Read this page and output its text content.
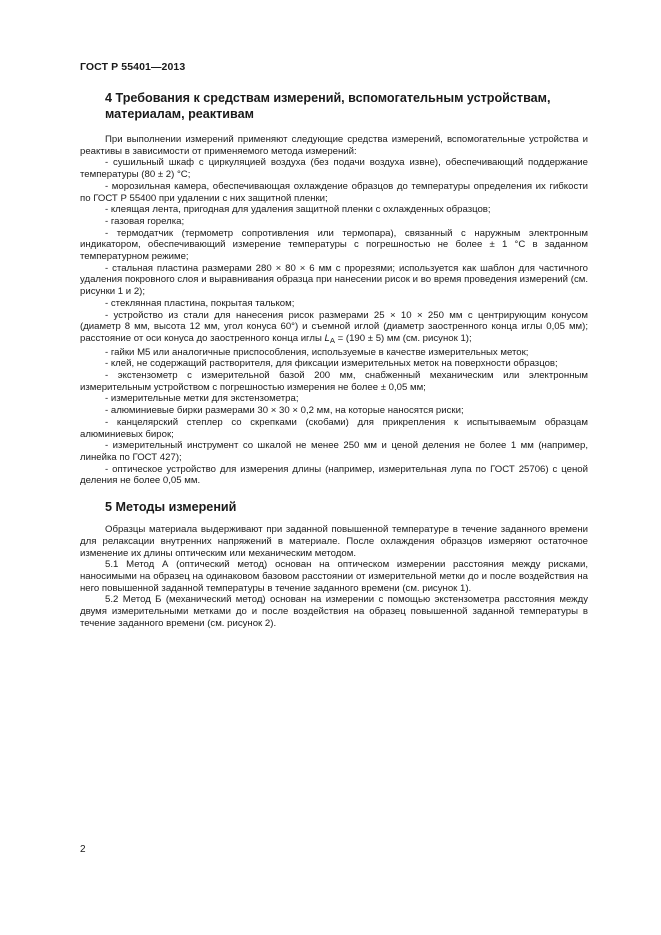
ГОСТ Р 55401—2013
4 Требования к средствам измерений, вспомогательным устройствам, материалам, реактивам

При выполнении измерений применяют следующие средства измерений, вспомогательные устройства и реактивы в зависимости от применяемого метода измерений:

- сушильный шкаф с циркуляцией воздуха (без подачи воздуха извне), обеспечивающий поддержание температуры (80 ± 2) °С;

- морозильная камера, обеспечивающая охлаждение образцов до температуры определения их гибкости по ГОСТ Р 55400 при удалении с них защитной пленки;

- клеящая лента, пригодная для удаления защитной пленки с охлажденных образцов;

- газовая горелка;

- термодатчик (термометр сопротивления или термопара), связанный с наружным электронным индикатором, обеспечивающий измерение температуры с погрешностью не более ± 1 °С в заданном температурном режиме;

- стальная пластина размерами 280 × 80 × 6 мм с прорезями; используется как шаблон для частичного удаления покровного слоя и выравнивания образца при нанесении рисок и во время проведения измерений (см. рисунки 1 и 2);

- стеклянная пластина, покрытая тальком;

- устройство из стали для нанесения рисок размерами 25 × 10 × 250 мм с центрирующим конусом (диаметр 8 мм, высота 12 мм, угол конуса 60°) и съемной иглой (диаметр заостренного конца иглы 0,05 мм); расстояние от оси конуса до заостренного конца иглы $L_A = (190 \pm 5)$ мм (см. рисунок 1);

- гайки М5 или аналогичные приспособления, используемые в качестве измерительных меток;

- клей, не содержащий растворителя, для фиксации измерительных меток на поверхности образцов;

- экстензометр с измерительной базой 200 мм, снабженный механическим или электронным измерительным устройством с погрешностью измерения не более ± 0,05 мм;

- измерительные метки для экстензометра;

- алюминиевые бирки размерами 30 × 30 × 0,2 мм, на которые наносятся риски;

- канцелярский степлер со скрепками (скобами) для прикрепления к испытываемым образцам алюминиевых бирок;

- измерительный инструмент со шкалой не менее 250 мм и ценой деления не более 1 мм (например, линейка по ГОСТ 427);

- оптическое устройство для измерения длины (например, измерительная лупа по ГОСТ 25706) с ценой деления не более 0,05 мм.

5 Методы измерений

Образцы материала выдерживают при заданной повышенной температуре в течение заданного времени для релаксации внутренних напряжений в материале. После охлаждения образцов измеряют остаточное изменение их длины оптическим или механическим методом.

5.1 Метод А (оптический метод) основан на оптическом измерении расстояния между рисками, наносимыми на образец на одинаковом базовом расстоянии от измерительной метки до и после воздействия на него повышенной заданной температуры в течение заданного времени (см. рисунок 1).

5.2 Метод Б (механический метод) основан на измерении с помощью экстензометра расстояния между двумя измерительными метками до и после воздействия на образец повышенной заданной температуры в течение заданного времени (см. рисунок 2).

2
